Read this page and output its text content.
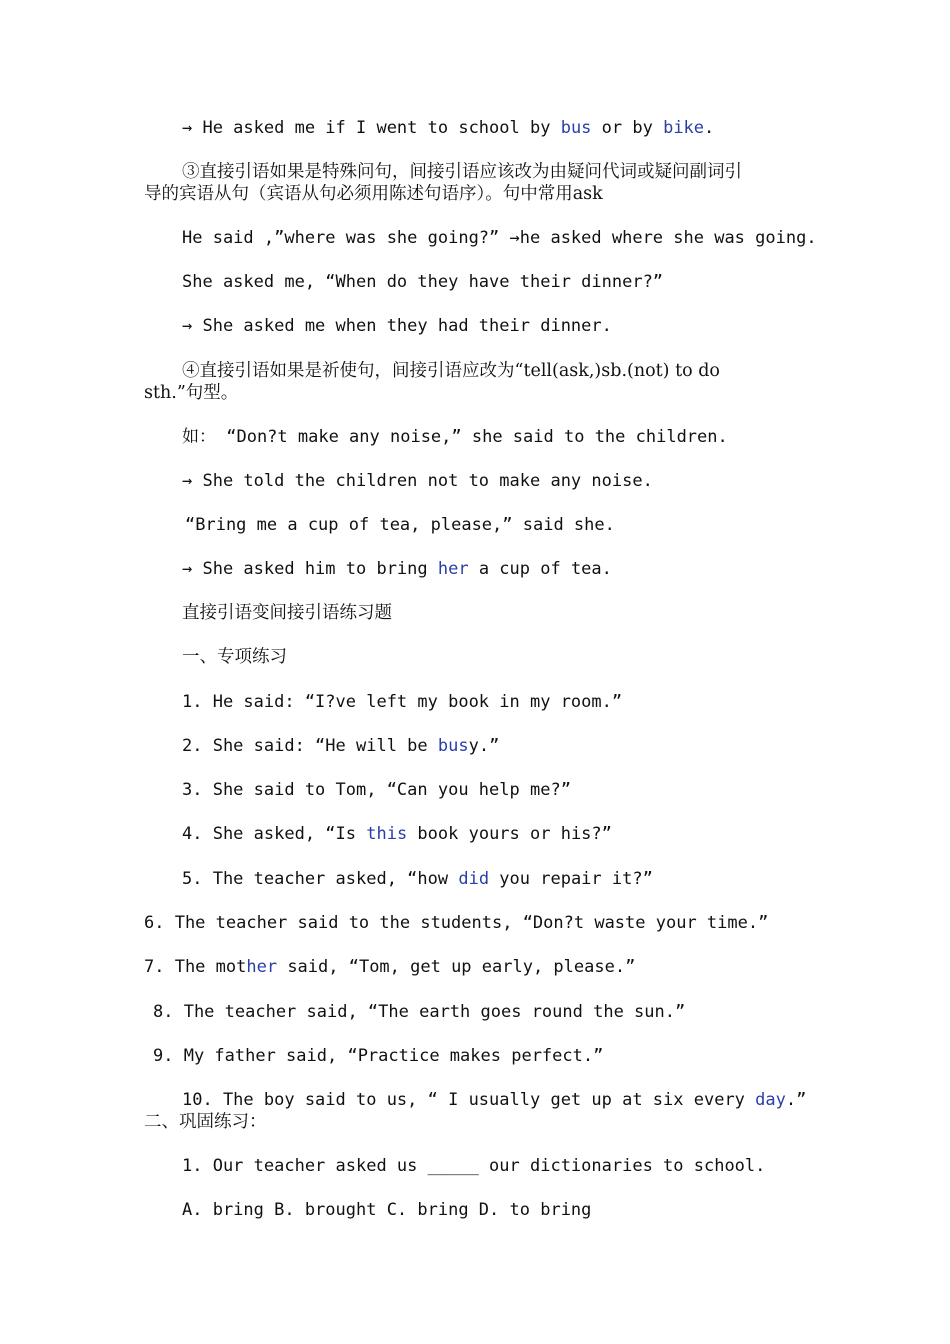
→ He asked me if I went to school by bus or by bike.
③直接引语如果是特殊问句，间接引语应该改为由疑问代词或疑问副词引
导的宾语从句（宾语从句必须用陈述句语序）。句中常用ask
He said ,”where was she going?” →he asked where she was going.
She asked me, “When do they have their dinner?”
→ She asked me when they had their dinner.
④直接引语如果是祈使句，间接引语应改为“tell(ask,)sb.(not) to do
sth.”句型。
如： “Don?t make any noise,” she said to the children.
→ She told the children not to make any noise.
“Bring me a cup of tea, please,” said she.
→ She asked him to bring her a cup of tea.
直接引语变间接引语练习题
一、专项练习
1. He said: “I?ve left my book in my room.”
2. She said: “He will be busy.”
3. She said to Tom, “Can you help me?”
4. She asked, “Is this book yours or his?”
5. The teacher asked, “how did you repair it?”
6. The teacher said to the students, “Don?t waste your time.”
7. The mother said, “Tom, get up early, please.”
8. The teacher said, “The earth goes round the sun.”
9. My father said, “Practice makes perfect.”
10. The boy said to us, “ I usually get up at six every day.”
二、巩固练习：
1. Our teacher asked us _____ our dictionaries to school.
A. bring B. brought C. bring D. to bring
